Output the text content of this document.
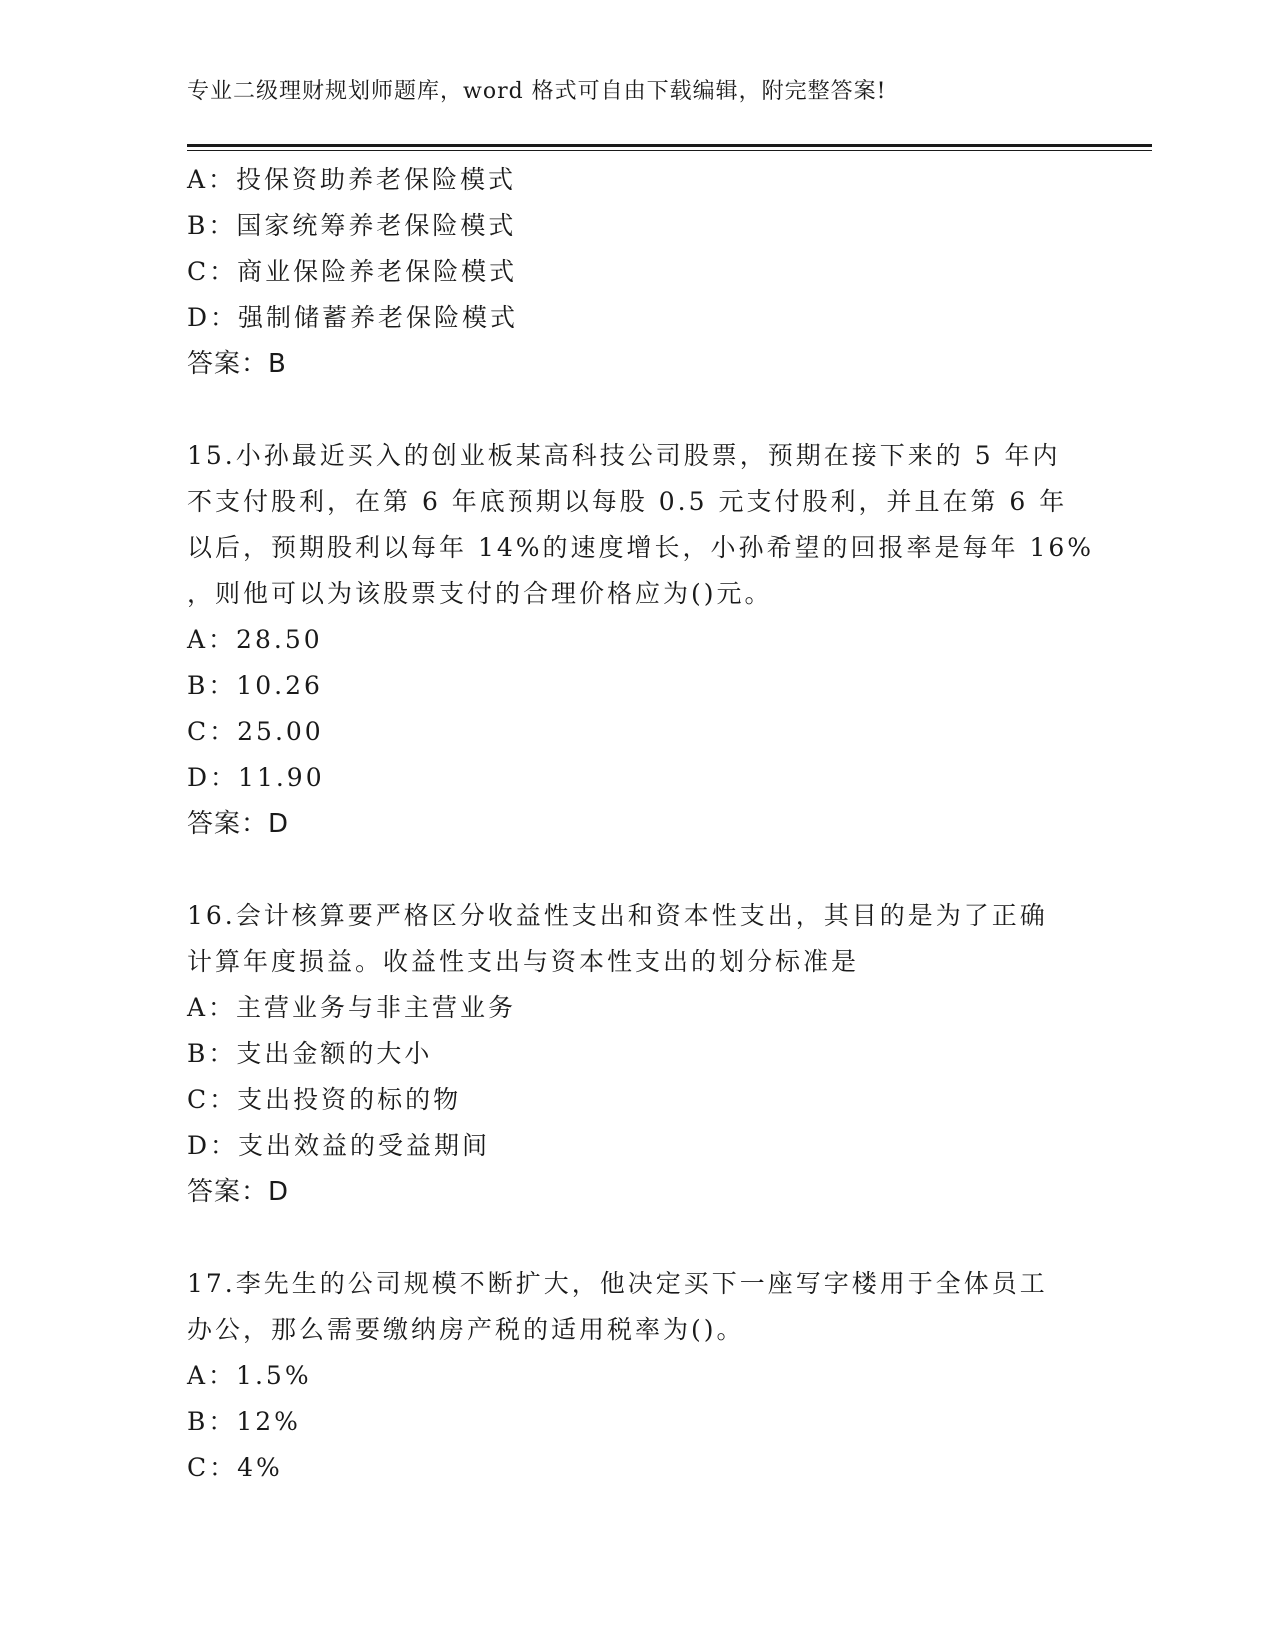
专业二级理财规划师题库，word 格式可自由下载编辑，附完整答案!
A：投保资助养老保险模式
B：国家统筹养老保险模式
C：商业保险养老保险模式
D：强制储蓄养老保险模式
答案：B
15.小孙最近买入的创业板某高科技公司股票，预期在接下来的 5 年内
不支付股利，在第 6 年底预期以每股 0.5 元支付股利，并且在第 6 年
以后，预期股利以每年 14%的速度增长，小孙希望的回报率是每年 16%
，则他可以为该股票支付的合理价格应为()元。
A：28.50
B：10.26
C：25.00
D：11.90
答案：D
16.会计核算要严格区分收益性支出和资本性支出，其目的是为了正确
计算年度损益。收益性支出与资本性支出的划分标准是
A：主营业务与非主营业务
B：支出金额的大小
C：支出投资的标的物
D：支出效益的受益期间
答案：D
17.李先生的公司规模不断扩大，他决定买下一座写字楼用于全体员工
办公，那么需要缴纳房产税的适用税率为()。
A：1.5%
B：12%
C：4%
